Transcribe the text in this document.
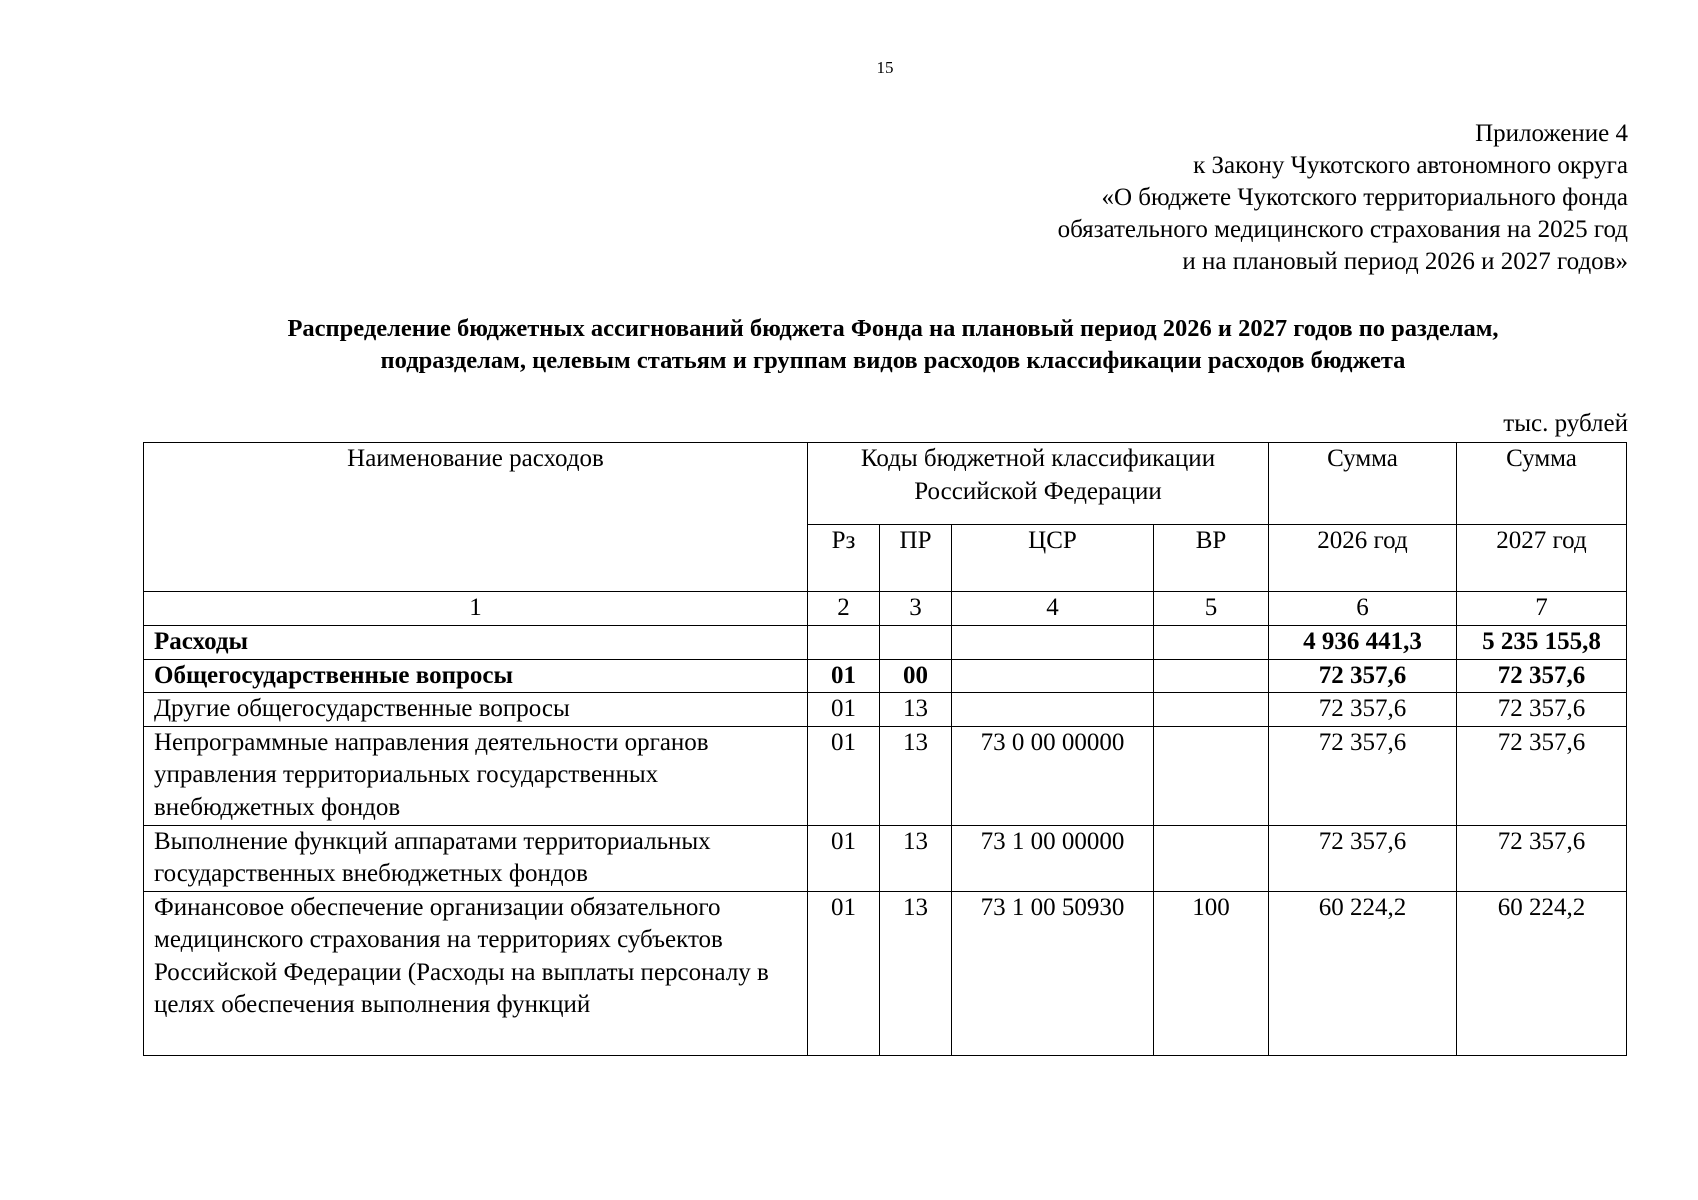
15
Приложение 4
к Закону Чукотского автономного округа
«О бюджете Чукотского территориального фонда
обязательного медицинского страхования на 2025 год
и на плановый период 2026 и 2027 годов»
Распределение бюджетных ассигнований бюджета Фонда на плановый период 2026 и 2027 годов по разделам,
подразделам, целевым статьям и группам видов расходов классификации расходов бюджета
тыс. рублей
Наименование расходов	Коды бюджетной классификации Российской Федерации				Сумма	Сумма
	Рз	ПР	ЦСР	ВР	2026 год	2027 год
1	2	3	4	5	6	7
Расходы					4 936 441,3	5 235 155,8
Общегосударственные вопросы	01	00			72 357,6	72 357,6
Другие общегосударственные вопросы	01	13			72 357,6	72 357,6
Непрограммные направления деятельности органов управления территориальных государственных внебюджетных фондов	01	13	73 0 00 00000		72 357,6	72 357,6
Выполнение функций аппаратами территориальных государственных внебюджетных фондов	01	13	73 1 00 00000		72 357,6	72 357,6
Финансовое обеспечение организации обязательного медицинского страхования на территориях субъектов Российской Федерации (Расходы на выплаты персоналу в целях обеспечения выполнения функций	01	13	73 1 00 50930	100	60 224,2	60 224,2
